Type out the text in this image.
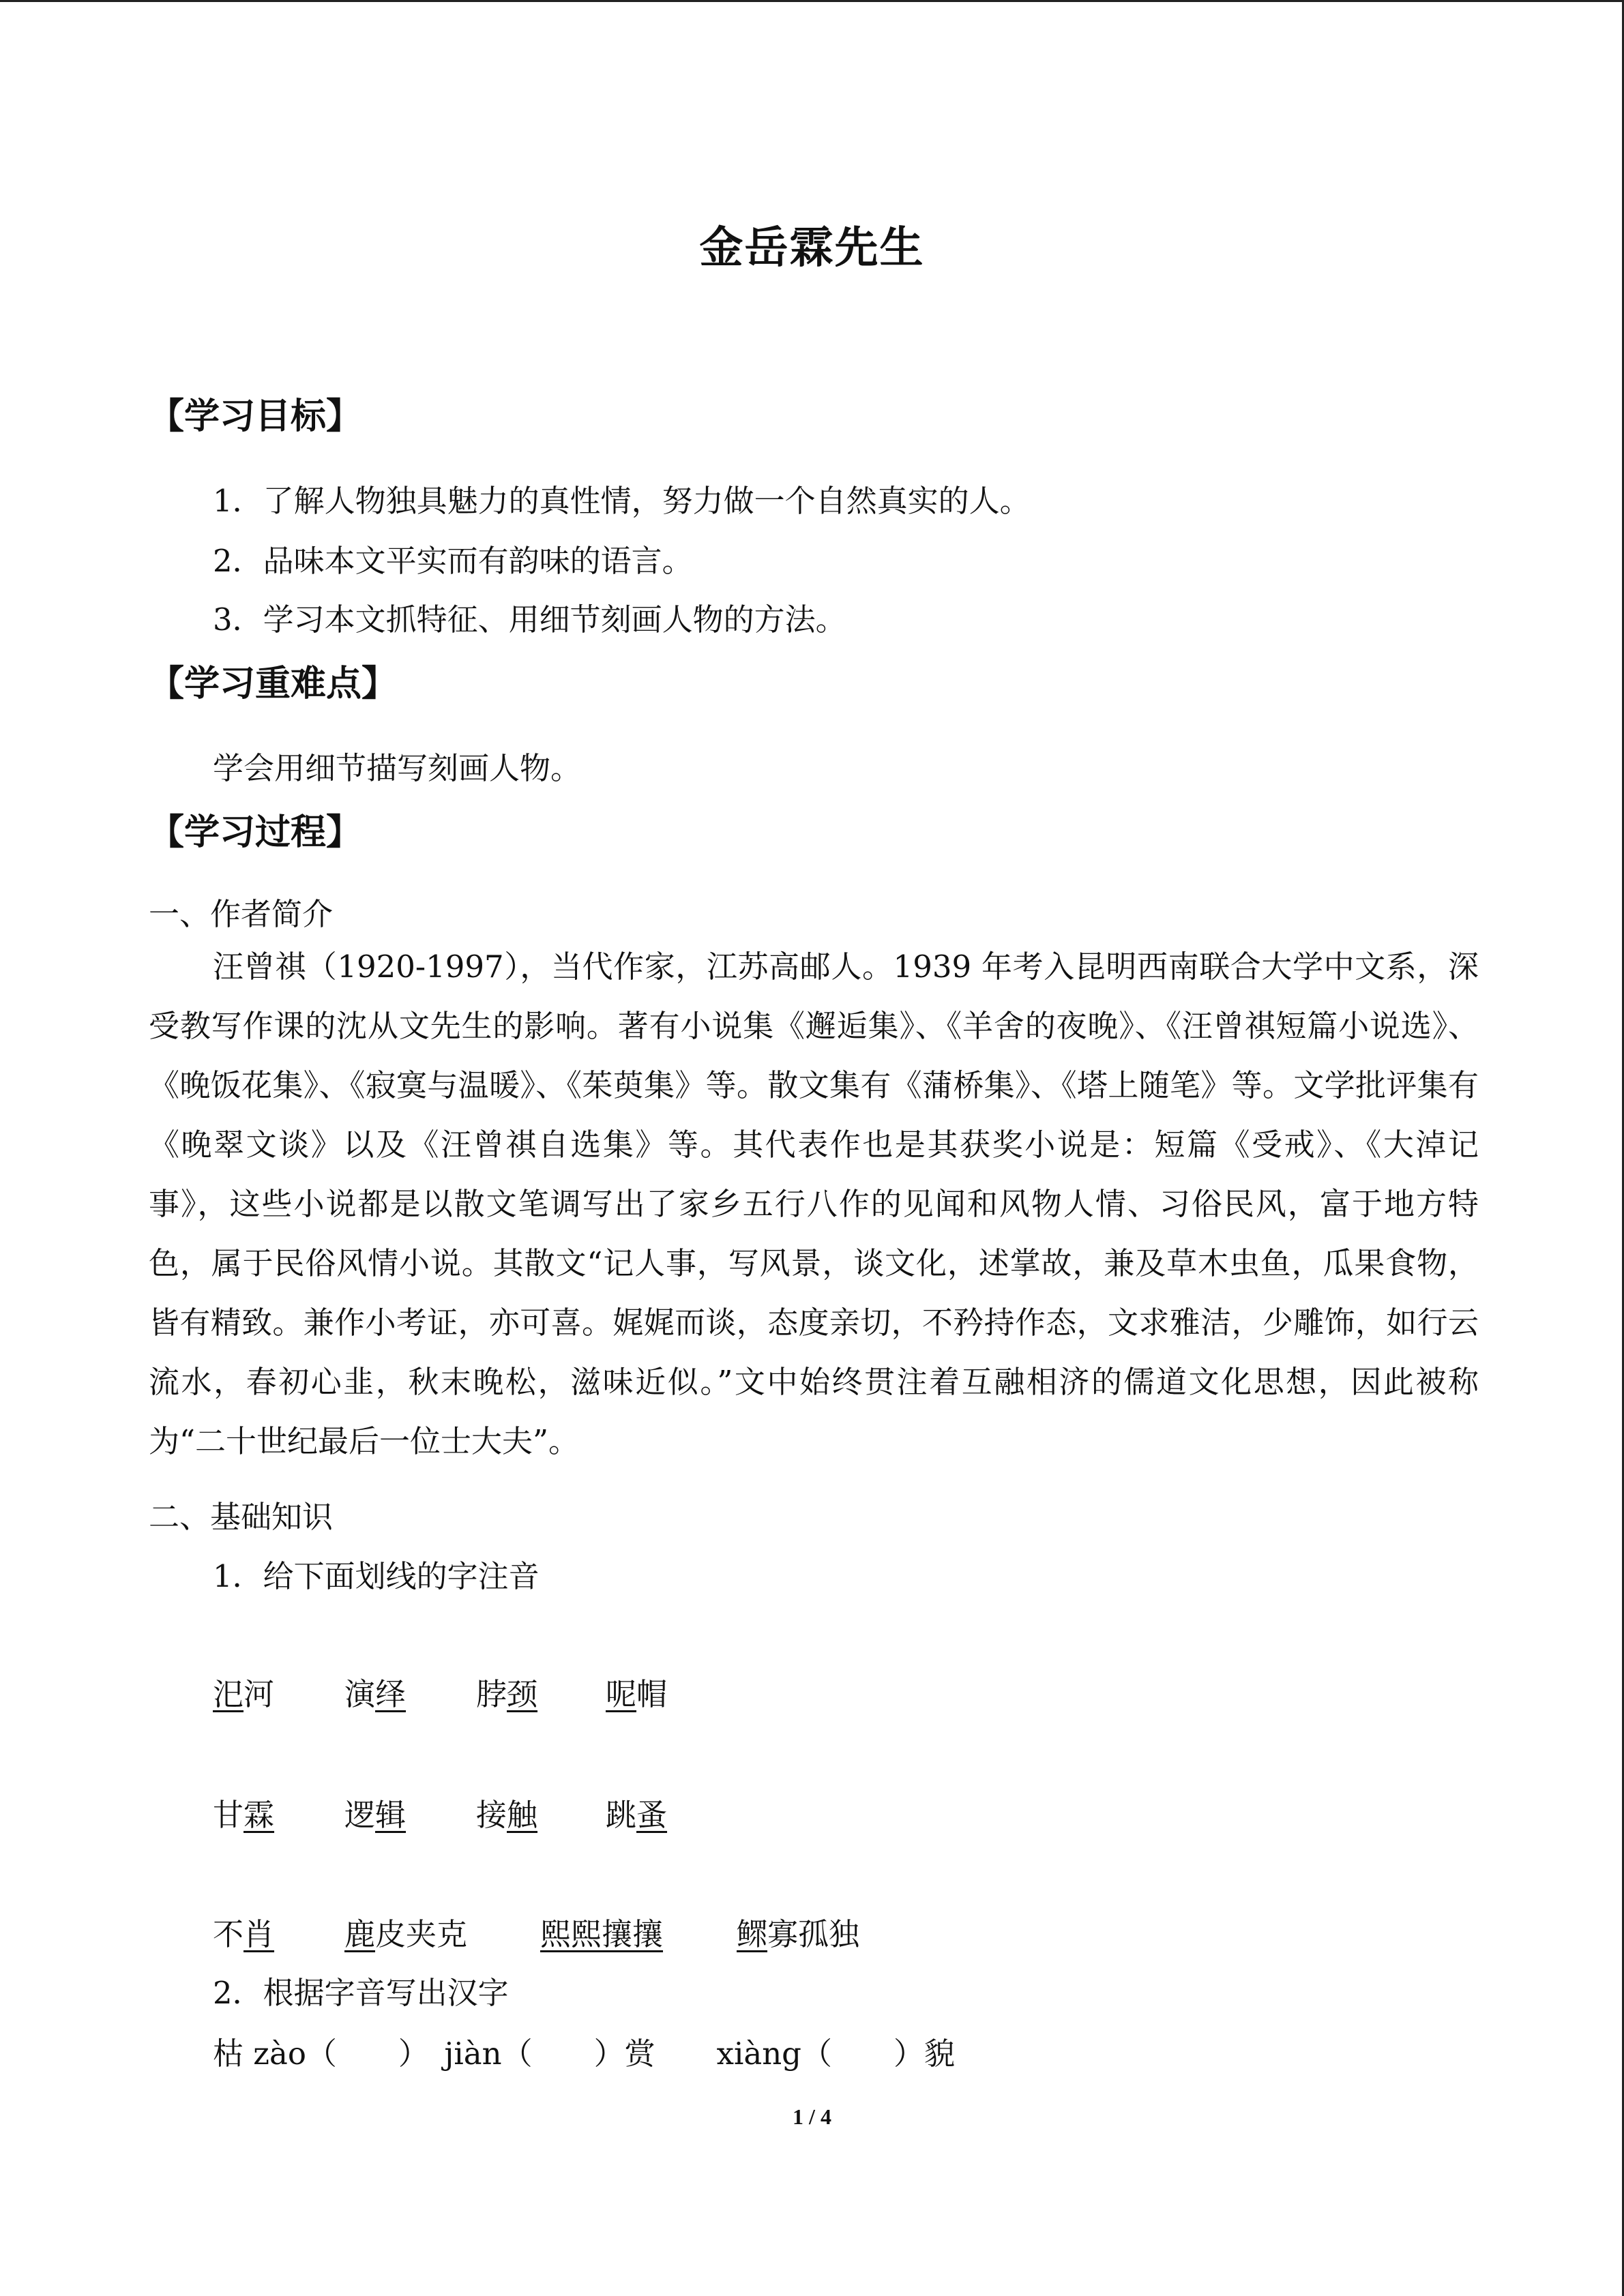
金岳霖先生
【学习目标】
1．了解人物独具魅力的真性情，努力做一个自然真实的人。
2．品味本文平实而有韵味的语言。
3．学习本文抓特征、用细节刻画人物的方法。
【学习重难点】
学会用细节描写刻画人物。
【学习过程】
一、作者简介
汪曾祺（1920-1997），当代作家，江苏高邮人。1939 年考入昆明西南联合大学中文系，深受教写作课的沈从文先生的影响。著有小说集《邂逅集》、《羊舍的夜晚》、《汪曾祺短篇小说选》、《晚饭花集》、《寂寞与温暖》、《茱萸集》等。散文集有《蒲桥集》、《塔上随笔》等。文学批评集有《晚翠文谈》以及《汪曾祺自选集》等。其代表作也是其获奖小说是：短篇《受戒》、《大淖记事》，这些小说都是以散文笔调写出了家乡五行八作的见闻和风物人情、习俗民风，富于地方特色，属于民俗风情小说。其散文“记人事，写风景，谈文化，述掌故，兼及草木虫鱼，瓜果食物，皆有精致。兼作小考证，亦可喜。娓娓而谈，态度亲切，不矜持作态，文求雅洁，少雕饰，如行云流水，春初心韭，秋末晚松，滋味近似。”文中始终贯注着互融相济的儒道文化思想，因此被称为“二十世纪最后一位士大夫”。
二、基础知识
1．给下面划线的字注音
汜河 演绎 脖颈 呢帽
甘霖 逻辑 接触 跳蚤
不肖 鹿皮夹克 熙熙攘攘 鳏寡孤独
2．根据字音写出汉字
枯 zào（　　）　jiàn（　　）赏　　xiàng（　　）貌
1 / 4
